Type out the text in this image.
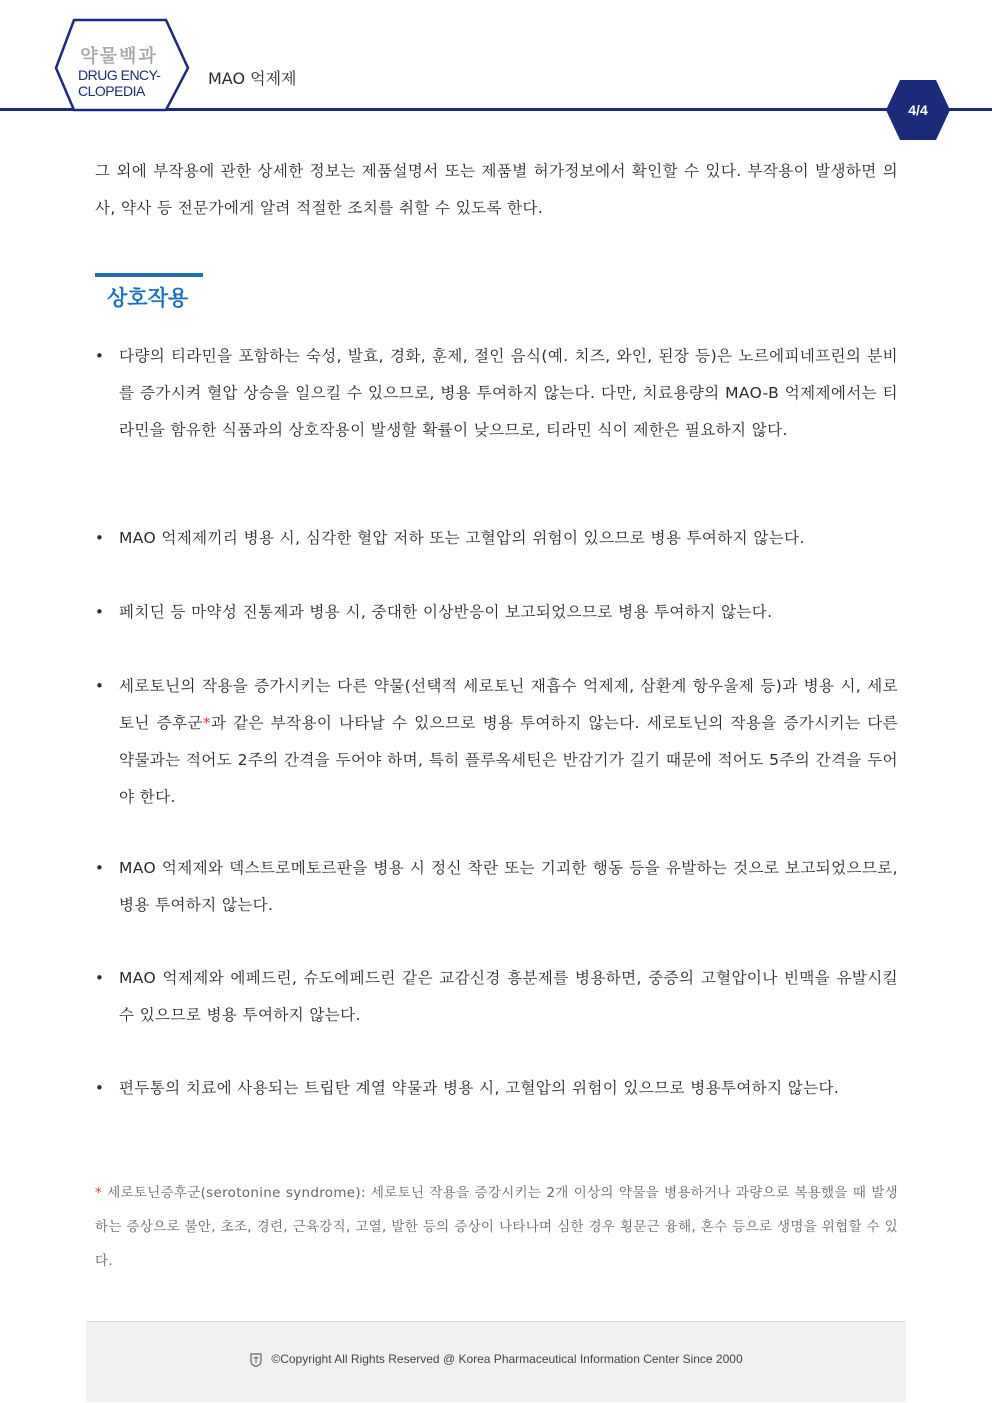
약물백과
DRUG ENCY-
CLOPEDIA
MAO 억제제
4/4

그 외에 부작용에 관한 상세한 정보는 제품설명서 또는 제품별 허가정보에서 확인할 수 있다. 부작용이 발생하면 의사, 약사 등 전문가에게 알려 적절한 조치를 취할 수 있도록 한다.

상호작용
• 다량의 티라민을 포함하는 숙성, 발효, 경화, 훈제, 절인 음식(예. 치즈, 와인, 된장 등)은 노르에피네프린의 분비를 증가시켜 혈압 상승을 일으킬 수 있으므로, 병용 투여하지 않는다. 다만, 치료용량의 MAO-B 억제제에서는 티라민을 함유한 식품과의 상호작용이 발생할 확률이 낮으므로, 티라민 식이 제한은 필요하지 않다.
• MAO 억제제끼리 병용 시, 심각한 혈압 저하 또는 고혈압의 위험이 있으므로 병용 투여하지 않는다.
• 페치딘 등 마약성 진통제과 병용 시, 중대한 이상반응이 보고되었으므로 병용 투여하지 않는다.
• 세로토닌의 작용을 증가시키는 다른 약물(선택적 세로토닌 재흡수 억제제, 삼환계 항우울제 등)과 병용 시, 세로토닌 증후군*과 같은 부작용이 나타날 수 있으므로 병용 투여하지 않는다. 세로토닌의 작용을 증가시키는 다른 약물과는 적어도 2주의 간격을 두어야 하며, 특히 플루옥세틴은 반감기가 길기 때문에 적어도 5주의 간격을 두어야 한다.
• MAO 억제제와 덱스트로메토르판을 병용 시 정신 착란 또는 기괴한 행동 등을 유발하는 것으로 보고되었으므로, 병용 투여하지 않는다.
• MAO 억제제와 에페드린, 슈도에페드린 같은 교감신경 흥분제를 병용하면, 중증의 고혈압이나 빈맥을 유발시킬 수 있으므로 병용 투여하지 않는다.
• 편두통의 치료에 사용되는 트립탄 계열 약물과 병용 시, 고혈압의 위험이 있으므로 병용투여하지 않는다.

* 세로토닌증후군(serotonine syndrome): 세로토닌 작용을 증강시키는 2개 이상의 약물을 병용하거나 과량으로 복용했을 때 발생하는 증상으로 불안, 초조, 경련, 근육강직, 고열, 발한 등의 증상이 나타나며 심한 경우 횡문근 융해, 혼수 등으로 생명을 위협할 수 있다.

©Copyright All Rights Reserved @ Korea Pharmaceutical Information Center Since 2000
